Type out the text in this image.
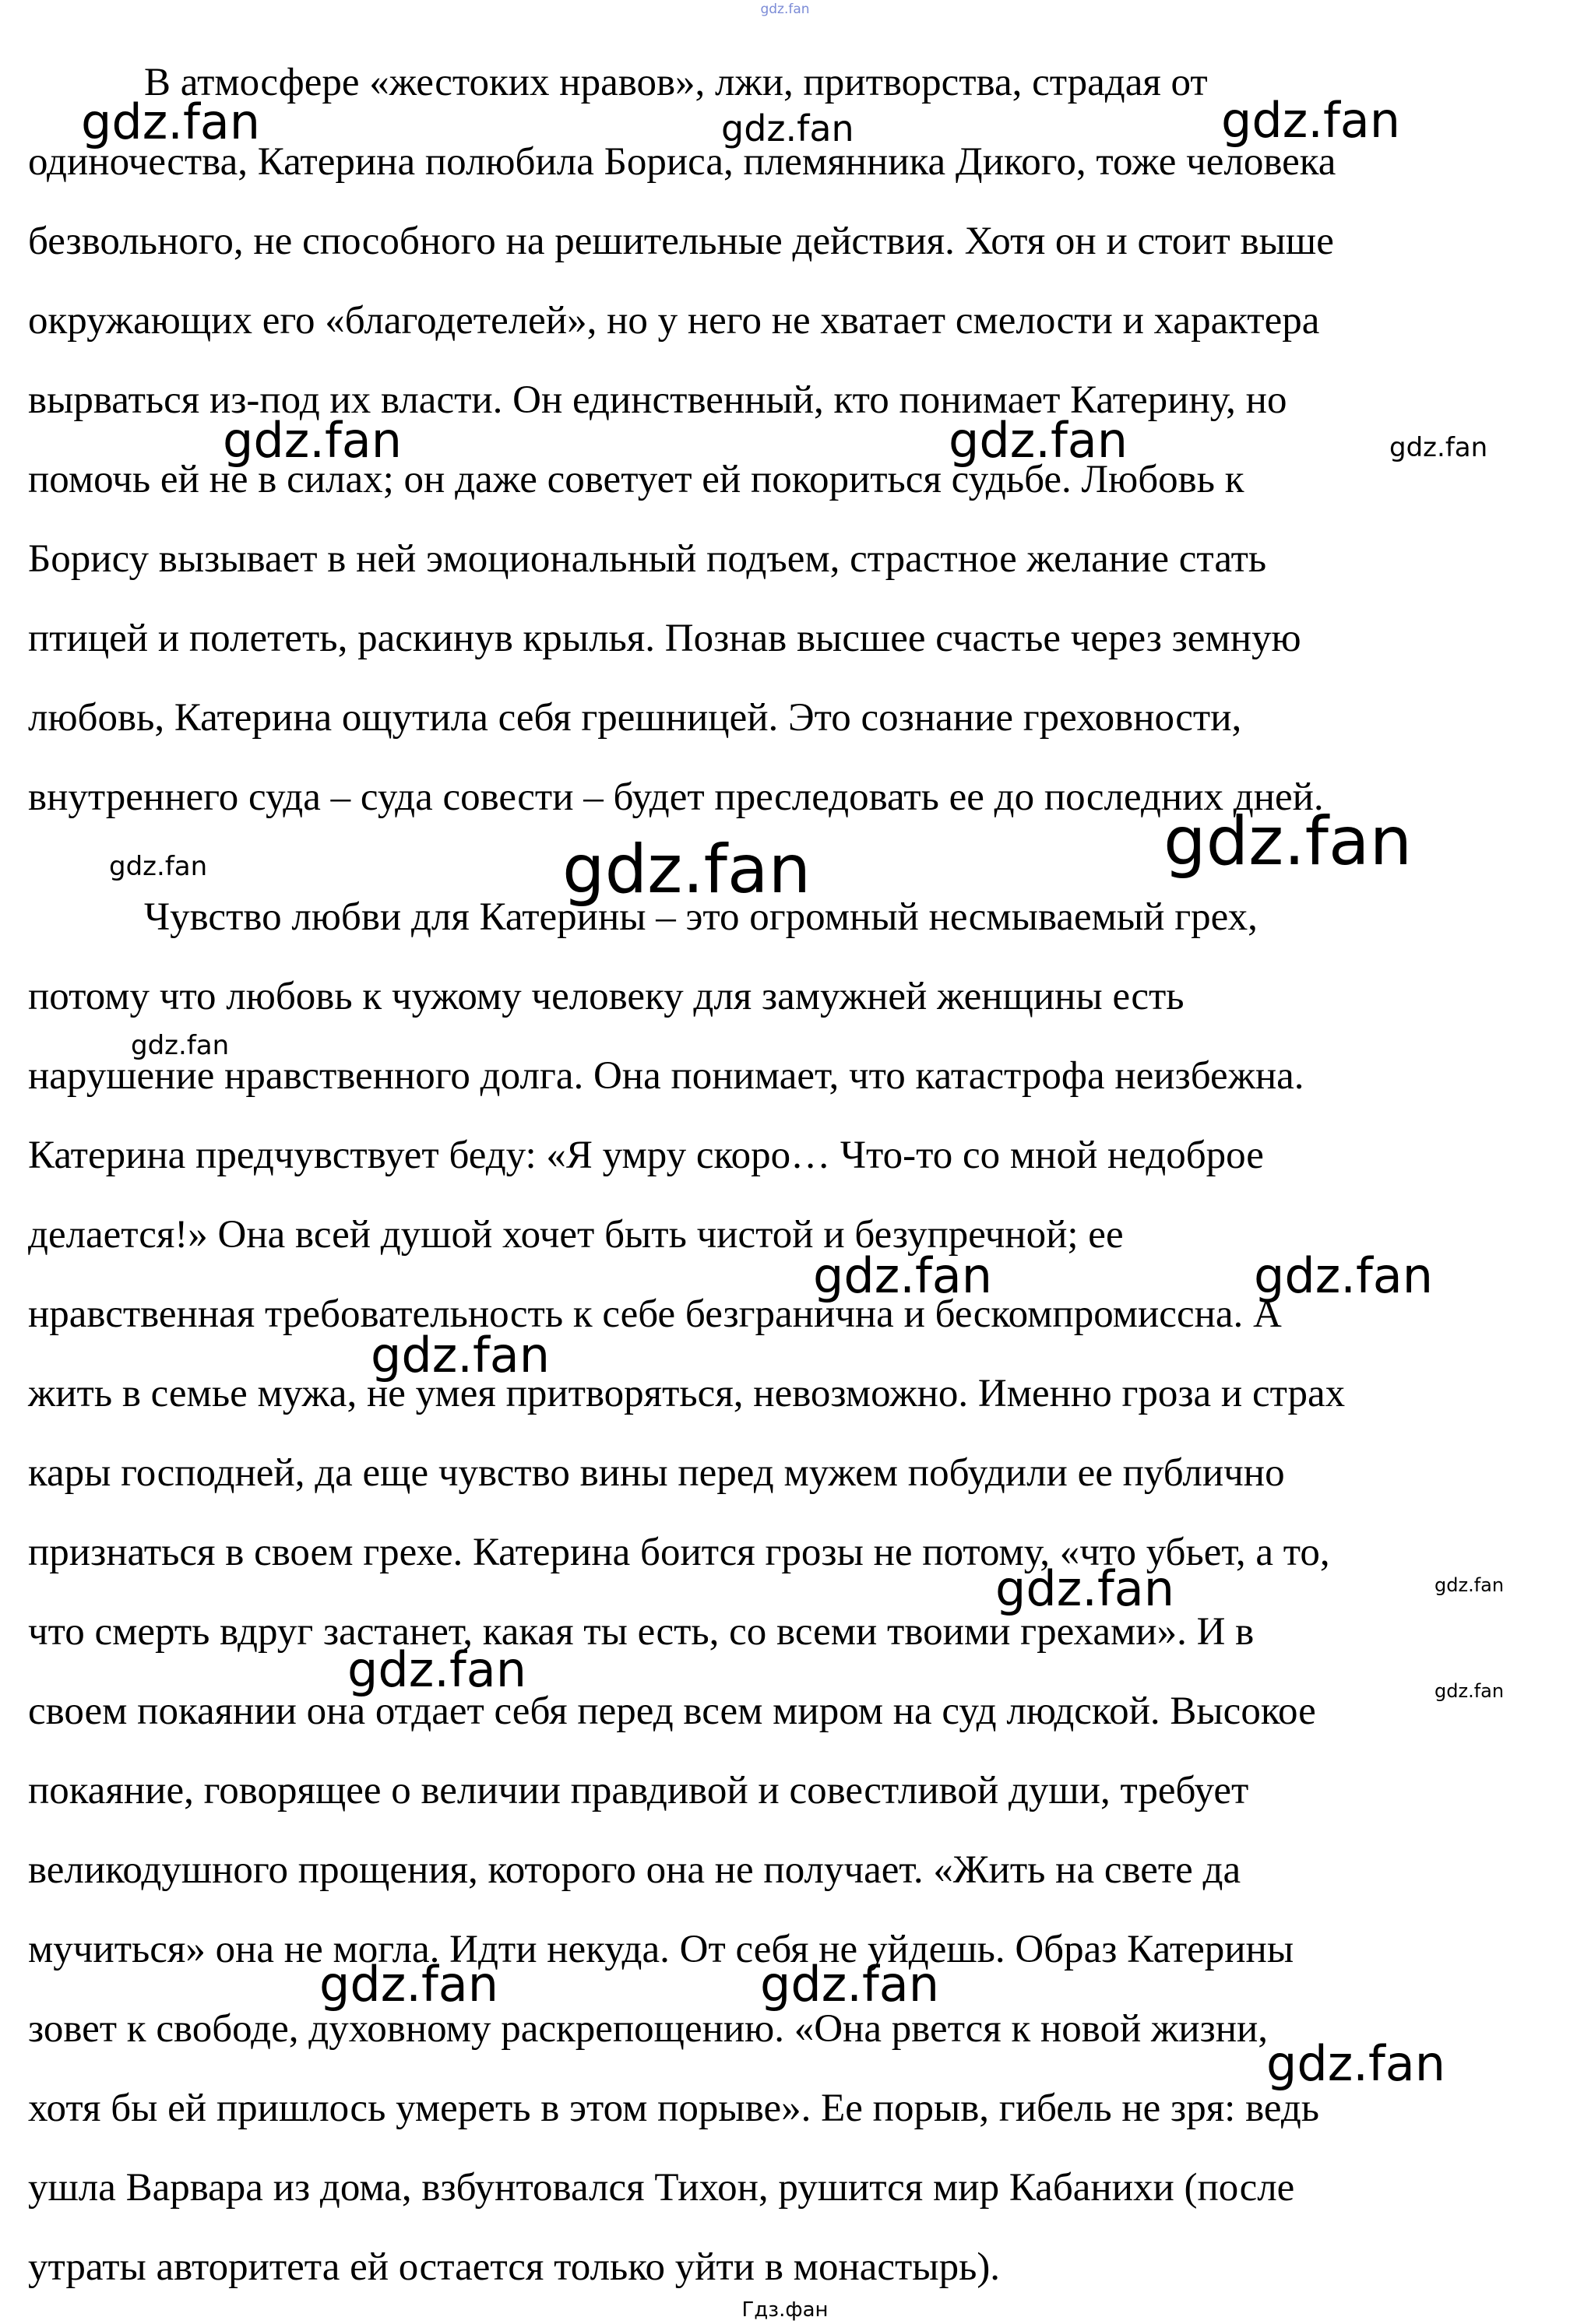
gdz.fan
В атмосфере «жестоких нравов», лжи, притворства, страдая от
одиночества, Катерина полюбила Бориса, племянника Дикого, тоже человека
безвольного, не способного на решительные действия. Хотя он и стоит выше
окружающих его «благодетелей», но у него не хватает смелости и характера
вырваться из-под их власти. Он единственный, кто понимает Катерину, но
помочь ей не в силах; он даже советует ей покориться судьбе. Любовь к
Борису вызывает в ней эмоциональный подъем, страстное желание стать
птицей и полететь, раскинув крылья. Познав высшее счастье через земную
любовь, Катерина ощутила себя грешницей. Это сознание греховности,
внутреннего суда – суда совести – будет преследовать ее до последних дней.
Чувство любви для Катерины – это огромный несмываемый грех,
потому что любовь к чужому человеку для замужней женщины есть
нарушение нравственного долга. Она понимает, что катастрофа неизбежна.
Катерина предчувствует беду: «Я умру скоро… Что-то со мной недоброе
делается!» Она всей душой хочет быть чистой и безупречной; ее
нравственная требовательность к себе безгранична и бескомпромиссна. А
жить в семье мужа, не умея притворяться, невозможно. Именно гроза и страх
кары господней, да еще чувство вины перед мужем побудили ее публично
признаться в своем грехе. Катерина боится грозы не потому, «что убьет, а то,
что смерть вдруг застанет, какая ты есть, со всеми твоими грехами». И в
своем покаянии она отдает себя перед всем миром на суд людской. Высокое
покаяние, говорящее о величии правдивой и совестливой души, требует
великодушного прощения, которого она не получает. «Жить на свете да
мучиться» она не могла. Идти некуда. От себя не уйдешь. Образ Катерины
зовет к свободе, духовному раскрепощению. «Она рвется к новой жизни,
хотя бы ей пришлось умереть в этом порыве». Ее порыв, гибель не зря: ведь
ушла Варвара из дома, взбунтовался Тихон, рушится мир Кабанихи (после
утраты авторитета ей остается только уйти в монастырь).
gdz.fan	gdz.fan	gdz.fan
gdz.fan	gdz.fan	gdz.fan
gdz.fan	gdz.fan	gdz.fan
gdz.fan
gdz.fan	gdz.fan
gdz.fan
gdz.fan	gdz.fan
gdz.fan	gdz.fan
gdz.fan	gdz.fan
gdz.fan
Гдз.фан
